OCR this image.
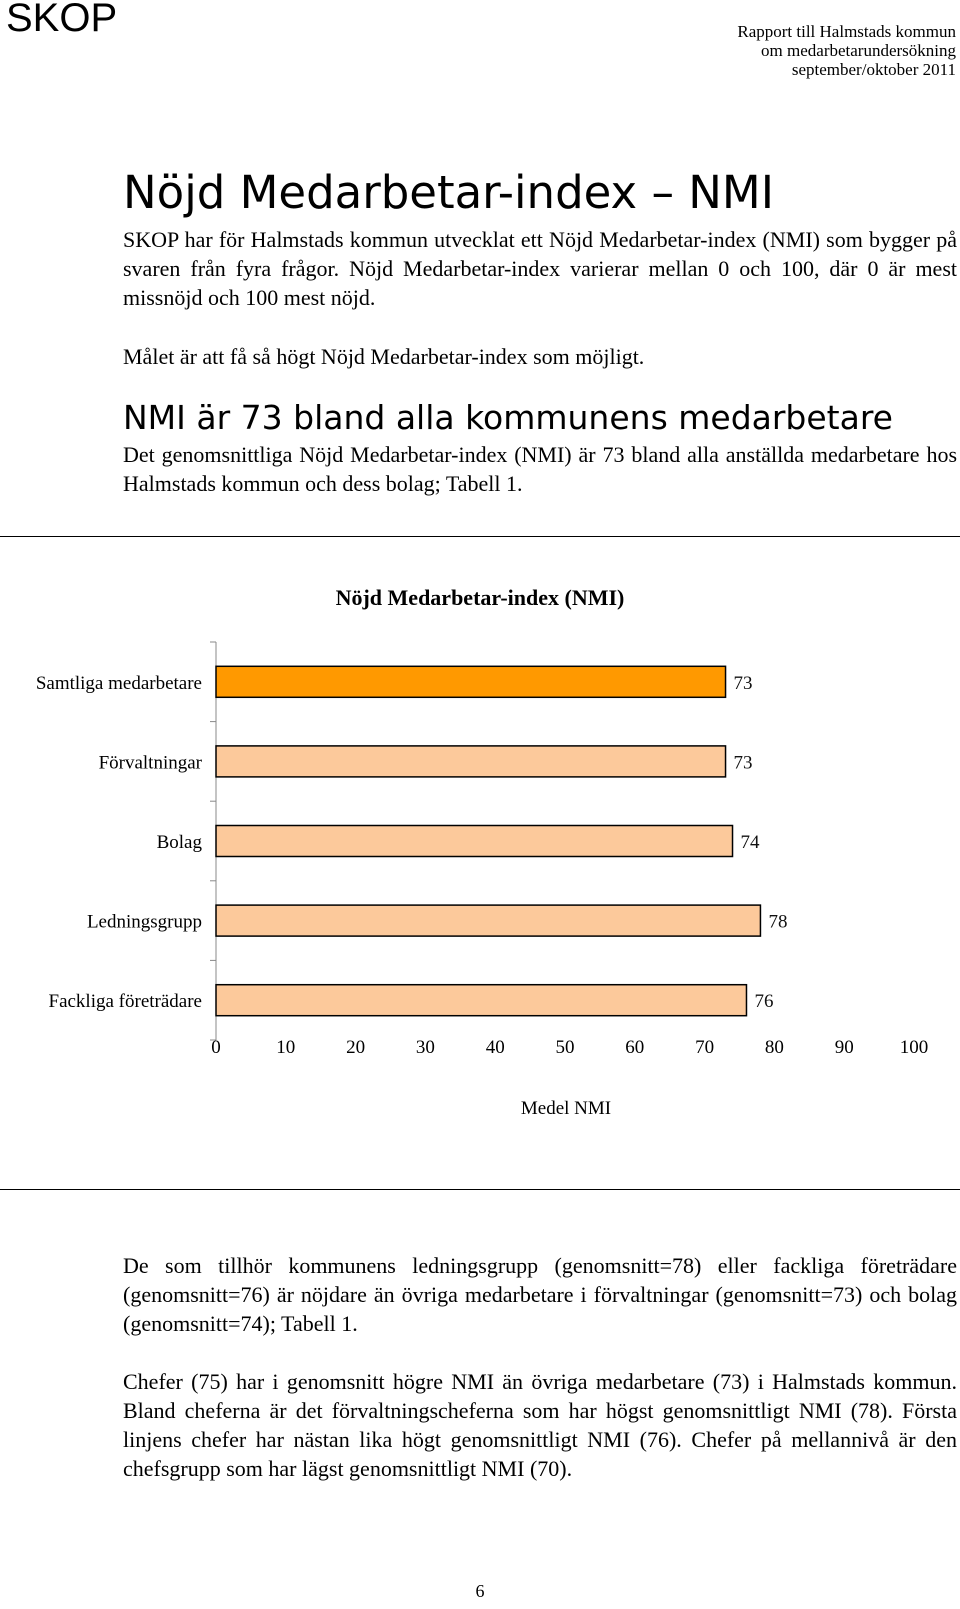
SKOP	Rapport till Halmstads kommun
om medarbetarundersökning
september/oktober 2011
Nöjd Medarbetar-index – NMI

SKOP har för Halmstads kommun utvecklat ett Nöjd Medarbetar-index (NMI) som bygger på svaren från fyra frågor. Nöjd Medarbetar-index varierar mellan 0 och 100, där 0 är mest missnöjd och 100 mest nöjd.

Målet är att få så högt Nöjd Medarbetar-index som möjligt.

NMI är 73 bland alla kommunens medarbetare

Det genomsnittliga Nöjd Medarbetar-index (NMI) är 73 bland alla anställda medarbetare hos Halmstads kommun och dess bolag; Tabell 1.

Nöjd Medarbetar-index (NMI)
Samtliga medarbetare	73
Förvaltningar	73
Bolag	74
Ledningsgrupp	78
Fackliga företrädare	76
0	10	20	30	40	50	60	70	80	90 100
Medel NMI

De som tillhör kommunens ledningsgrupp (genomsnitt=78) eller fackliga företrädare (genomsnitt=76) är nöjdare än övriga medarbetare i förvaltningar (genomsnitt=73) och bolag (genomsnitt=74); Tabell 1.

Chefer (75) har i genomsnitt högre NMI än övriga medarbetare (73) i Halmstads kommun. Bland cheferna är det förvaltningscheferna som har högst genomsnittligt NMI (78). Första linjens chefer har nästan lika högt genomsnittligt NMI (76). Chefer på mellannivå är den chefsgrupp som har lägst genomsnittligt NMI (70).

6
